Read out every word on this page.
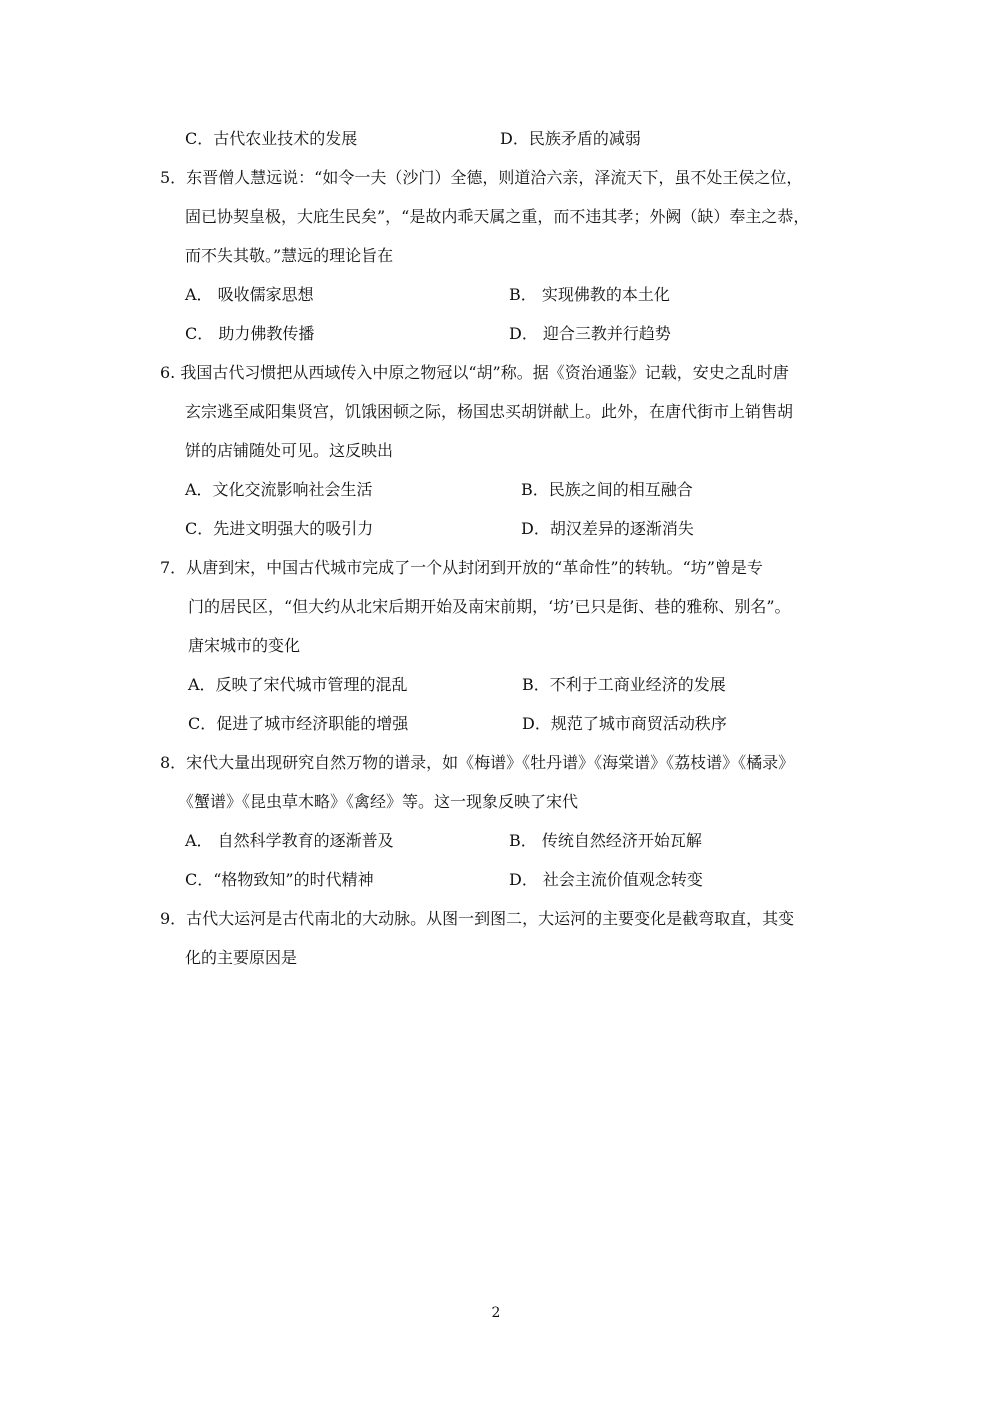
C．古代农业技术的发展	D．民族矛盾的减弱
5．东晋僧人慧远说：“如令一夫（沙门）全德，则道洽六亲，泽流天下，虽不处王侯之位，
固已协契皇极，大庇生民矣”，“是故内乖天属之重，而不违其孝；外阙（缺）奉主之恭，
而不失其敬。”慧远的理论旨在
A． 吸收儒家思想	B． 实现佛教的本土化
C． 助力佛教传播	D． 迎合三教并行趋势
6. 我国古代习惯把从西域传入中原之物冠以“胡”称。据《资治通鉴》记载，安史之乱时唐
玄宗逃至咸阳集贤宫，饥饿困顿之际，杨国忠买胡饼献上。此外，在唐代街市上销售胡
饼的店铺随处可见。这反映出
A．文化交流影响社会生活	B．民族之间的相互融合
C．先进文明强大的吸引力	D．胡汉差异的逐渐消失
7．从唐到宋，中国古代城市完成了一个从封闭到开放的“革命性”的转轨。“坊”曾是专
门的居民区，“但大约从北宋后期开始及南宋前期，‘坊’已只是街、巷的雅称、别名”。
唐宋城市的变化
A．反映了宋代城市管理的混乱	B．不利于工商业经济的发展
C．促进了城市经济职能的增强	D．规范了城市商贸活动秩序
8．宋代大量出现研究自然万物的谱录，如《梅谱》《牡丹谱》《海棠谱》《荔枝谱》《橘录》
《蟹谱》《昆虫草木略》《禽经》等。这一现象反映了宋代
A． 自然科学教育的逐渐普及	B． 传统自然经济开始瓦解
C．“格物致知”的时代精神	D． 社会主流价值观念转变
9．古代大运河是古代南北的大动脉。从图一到图二，大运河的主要变化是截弯取直，其变
化的主要原因是
2
